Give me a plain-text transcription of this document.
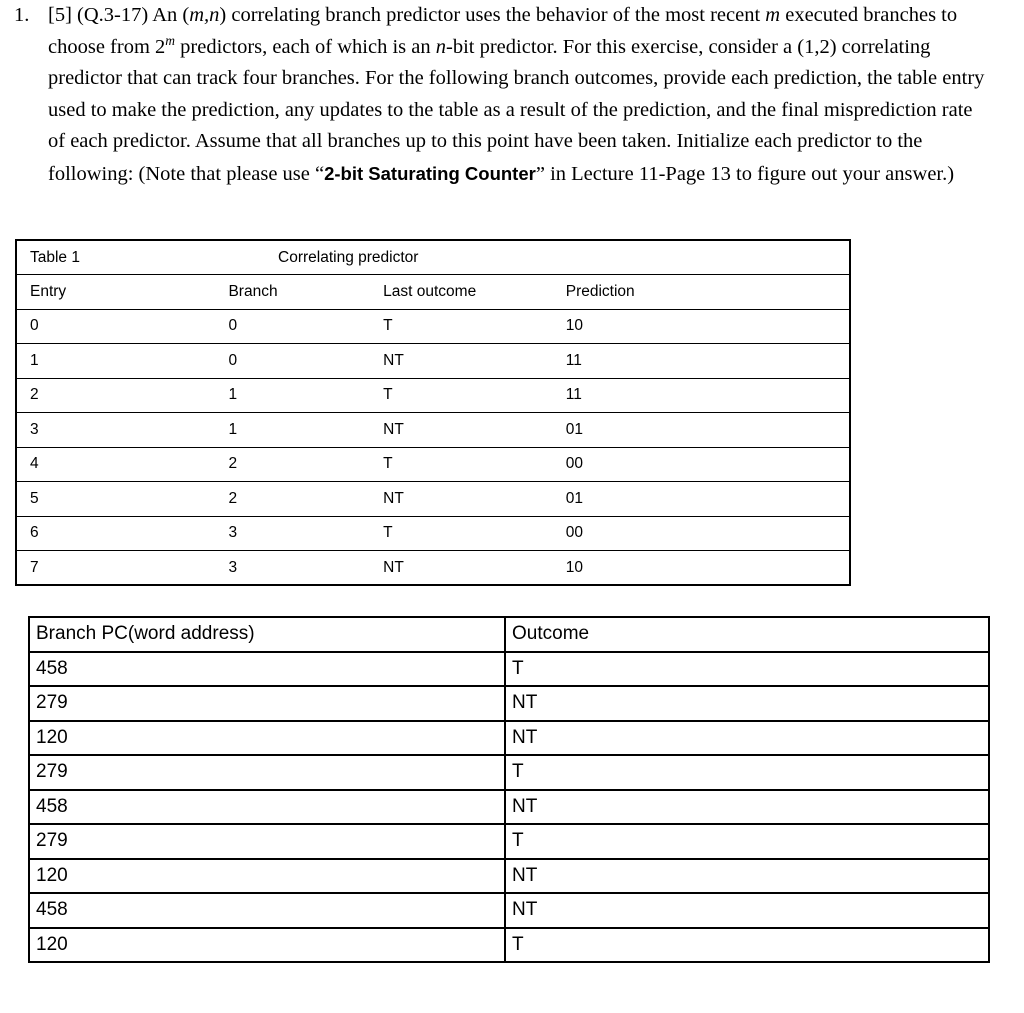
1. [5] (Q.3-17) An (m,n) correlating branch predictor uses the behavior of the most recent m executed branches to choose from 2$^m$ predictors, each of which is an n-bit predictor. For this exercise, consider a (1,2) correlating predictor that can track four branches. For the following branch outcomes, provide each prediction, the table entry used to make the prediction, any updates to the table as a result of the prediction, and the final misprediction rate of each predictor. Assume that all branches up to this point have been taken. Initialize each predictor to the following: (Note that please use “2-bit Saturating Counter” in Lecture 11-Page 13 to figure out your answer.)

Table 1 Correlating predictor			

Entry	Branch	Last outcome	Prediction
0	0	T	10
1	0	NT	11
2	1	T	11
3	1	NT	01
4	2	T	00
5	2	NT	01
6	3	T	00
7	3	NT	10
Branch PC(word address)	Outcome
458	T
279	NT
120	NT
279	T
458	NT
279	T
120	NT
458	NT
120	T
